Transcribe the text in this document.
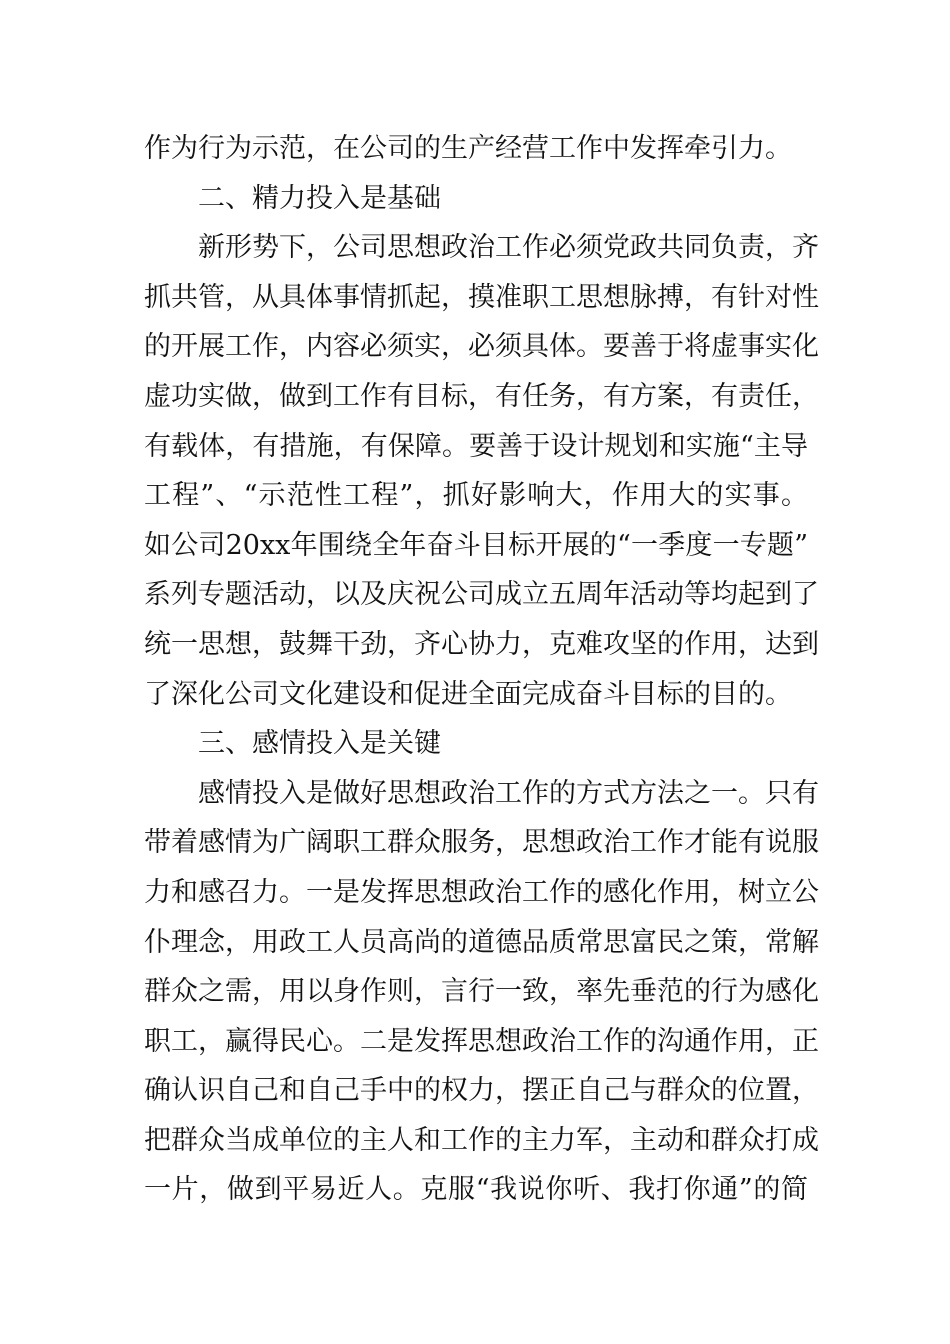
作为行为示范，在公司的生产经营工作中发挥牵引力。
二、精力投入是基础
新形势下，公司思想政治工作必须党政共同负责，齐
抓共管，从具体事情抓起，摸准职工思想脉搏，有针对性
的开展工作，内容必须实，必须具体。要善于将虚事实化
虚功实做，做到工作有目标，有任务，有方案，有责任，
有载体，有措施，有保障。要善于设计规划和实施“主导
工程”、“示范性工程”，抓好影响大，作用大的实事。
如公司20xx年围绕全年奋斗目标开展的“一季度一专题”
系列专题活动，以及庆祝公司成立五周年活动等均起到了
统一思想，鼓舞干劲，齐心协力，克难攻坚的作用，达到
了深化公司文化建设和促进全面完成奋斗目标的目的。
三、感情投入是关键
感情投入是做好思想政治工作的方式方法之一。只有
带着感情为广阔职工群众服务，思想政治工作才能有说服
力和感召力。一是发挥思想政治工作的感化作用，树立公
仆理念，用政工人员高尚的道德品质常思富民之策，常解
群众之需，用以身作则，言行一致，率先垂范的行为感化
职工，赢得民心。二是发挥思想政治工作的沟通作用，正
确认识自己和自己手中的权力，摆正自己与群众的位置，
把群众当成单位的主人和工作的主力军，主动和群众打成
一片，做到平易近人。克服“我说你听、我打你通”的简
